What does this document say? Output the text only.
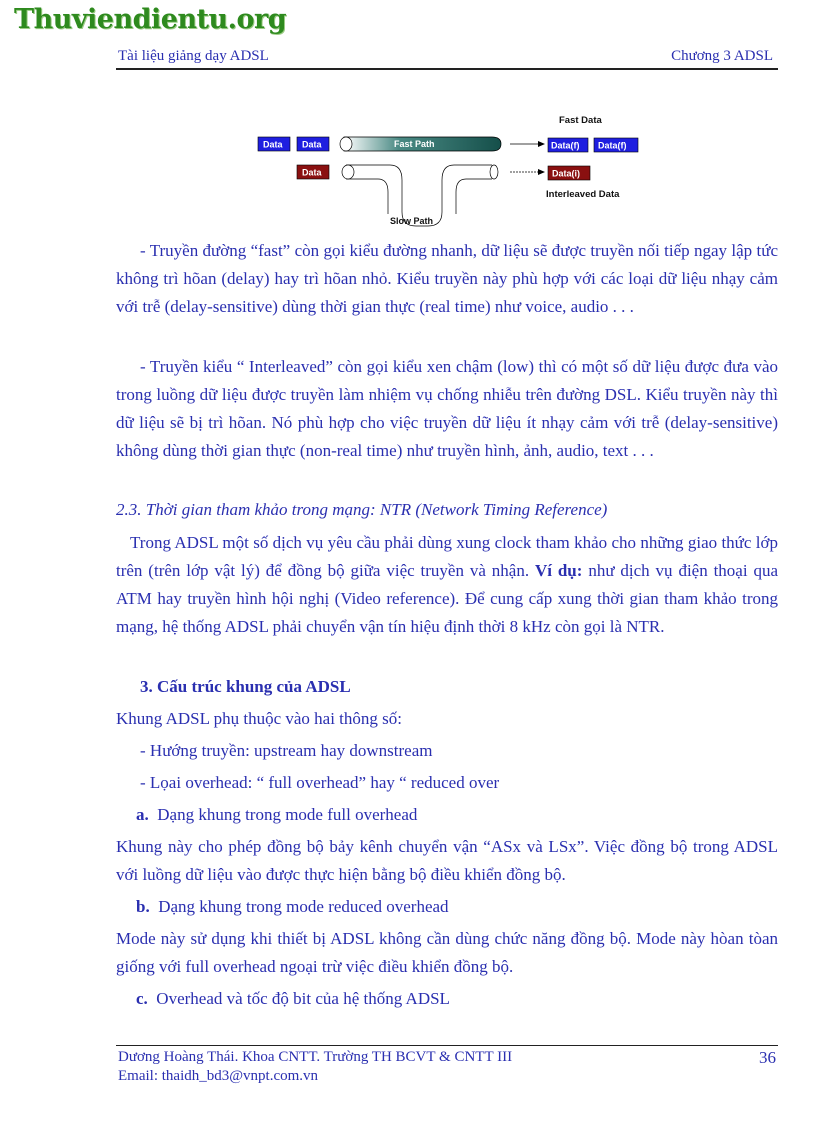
Thuviendientu.org
Tài liệu giảng dạy ADSL	Chương 3 ADSL
Fast Data
Data Data
Data
Fast Path
Slow Path
Data(f) Data(f)
Data(i)
Interleaved Data
- Truyền đường “fast” còn gọi kiểu đường nhanh, dữ liệu sẽ được truyền nối tiếp ngay lập tức không trì hõan (delay) hay trì hõan nhỏ. Kiểu truyền này phù hợp với các loại dữ liệu nhạy cảm với trễ (delay-sensitive) dùng thời gian thực (real time) như voice, audio . . .
- Truyền kiểu “ Interleaved” còn gọi kiểu xen chậm (low) thì có một số dữ liệu được đưa vào trong luồng dữ liệu được truyền làm nhiệm vụ chống nhiễu trên đường DSL. Kiểu truyền này thì dữ liệu sẽ bị trì hõan. Nó phù hợp cho việc truyền dữ liệu ít nhạy cảm với trễ (delay-sensitive) không dùng thời gian thực (non-real time) như truyền hình, ảnh, audio, text . . .
2.3. Thời gian tham khảo trong mạng: NTR (Network Timing Reference)
Trong ADSL một số dịch vụ yêu cầu phải dùng xung clock tham khảo cho những giao thức lớp trên (trên lớp vật lý) để đồng bộ giữa việc truyền và nhận. Ví dụ: như dịch vụ điện thoại qua ATM hay truyền hình hội nghị (Video reference). Để cung cấp xung thời gian tham khảo trong mạng, hệ thống ADSL phải chuyển vận tín hiệu định thời 8 kHz còn gọi là NTR.
3. Cấu trúc khung của ADSL
Khung ADSL phụ thuộc vào hai thông số:
- Hướng truyền: upstream hay downstream
- Lọai overhead: “ full overhead” hay “ reduced over
a. Dạng khung trong mode full overhead
Khung này cho phép đồng bộ bảy kênh chuyển vận “ASx và LSx”. Việc đồng bộ trong ADSL với luồng dữ liệu vào được thực hiện bằng bộ điều khiển đồng bộ.
b. Dạng khung trong mode reduced overhead
Mode này sử dụng khi thiết bị ADSL không cần dùng chức năng đồng bộ. Mode này hòan tòan giống với full overhead ngoại trừ việc điều khiển đồng bộ.
c. Overhead và tốc độ bit của hệ thống ADSL
Dương Hoàng Thái. Khoa CNTT. Trường TH BCVT & CNTT III
Email: thaidh_bd3@vnpt.com.vn
36
